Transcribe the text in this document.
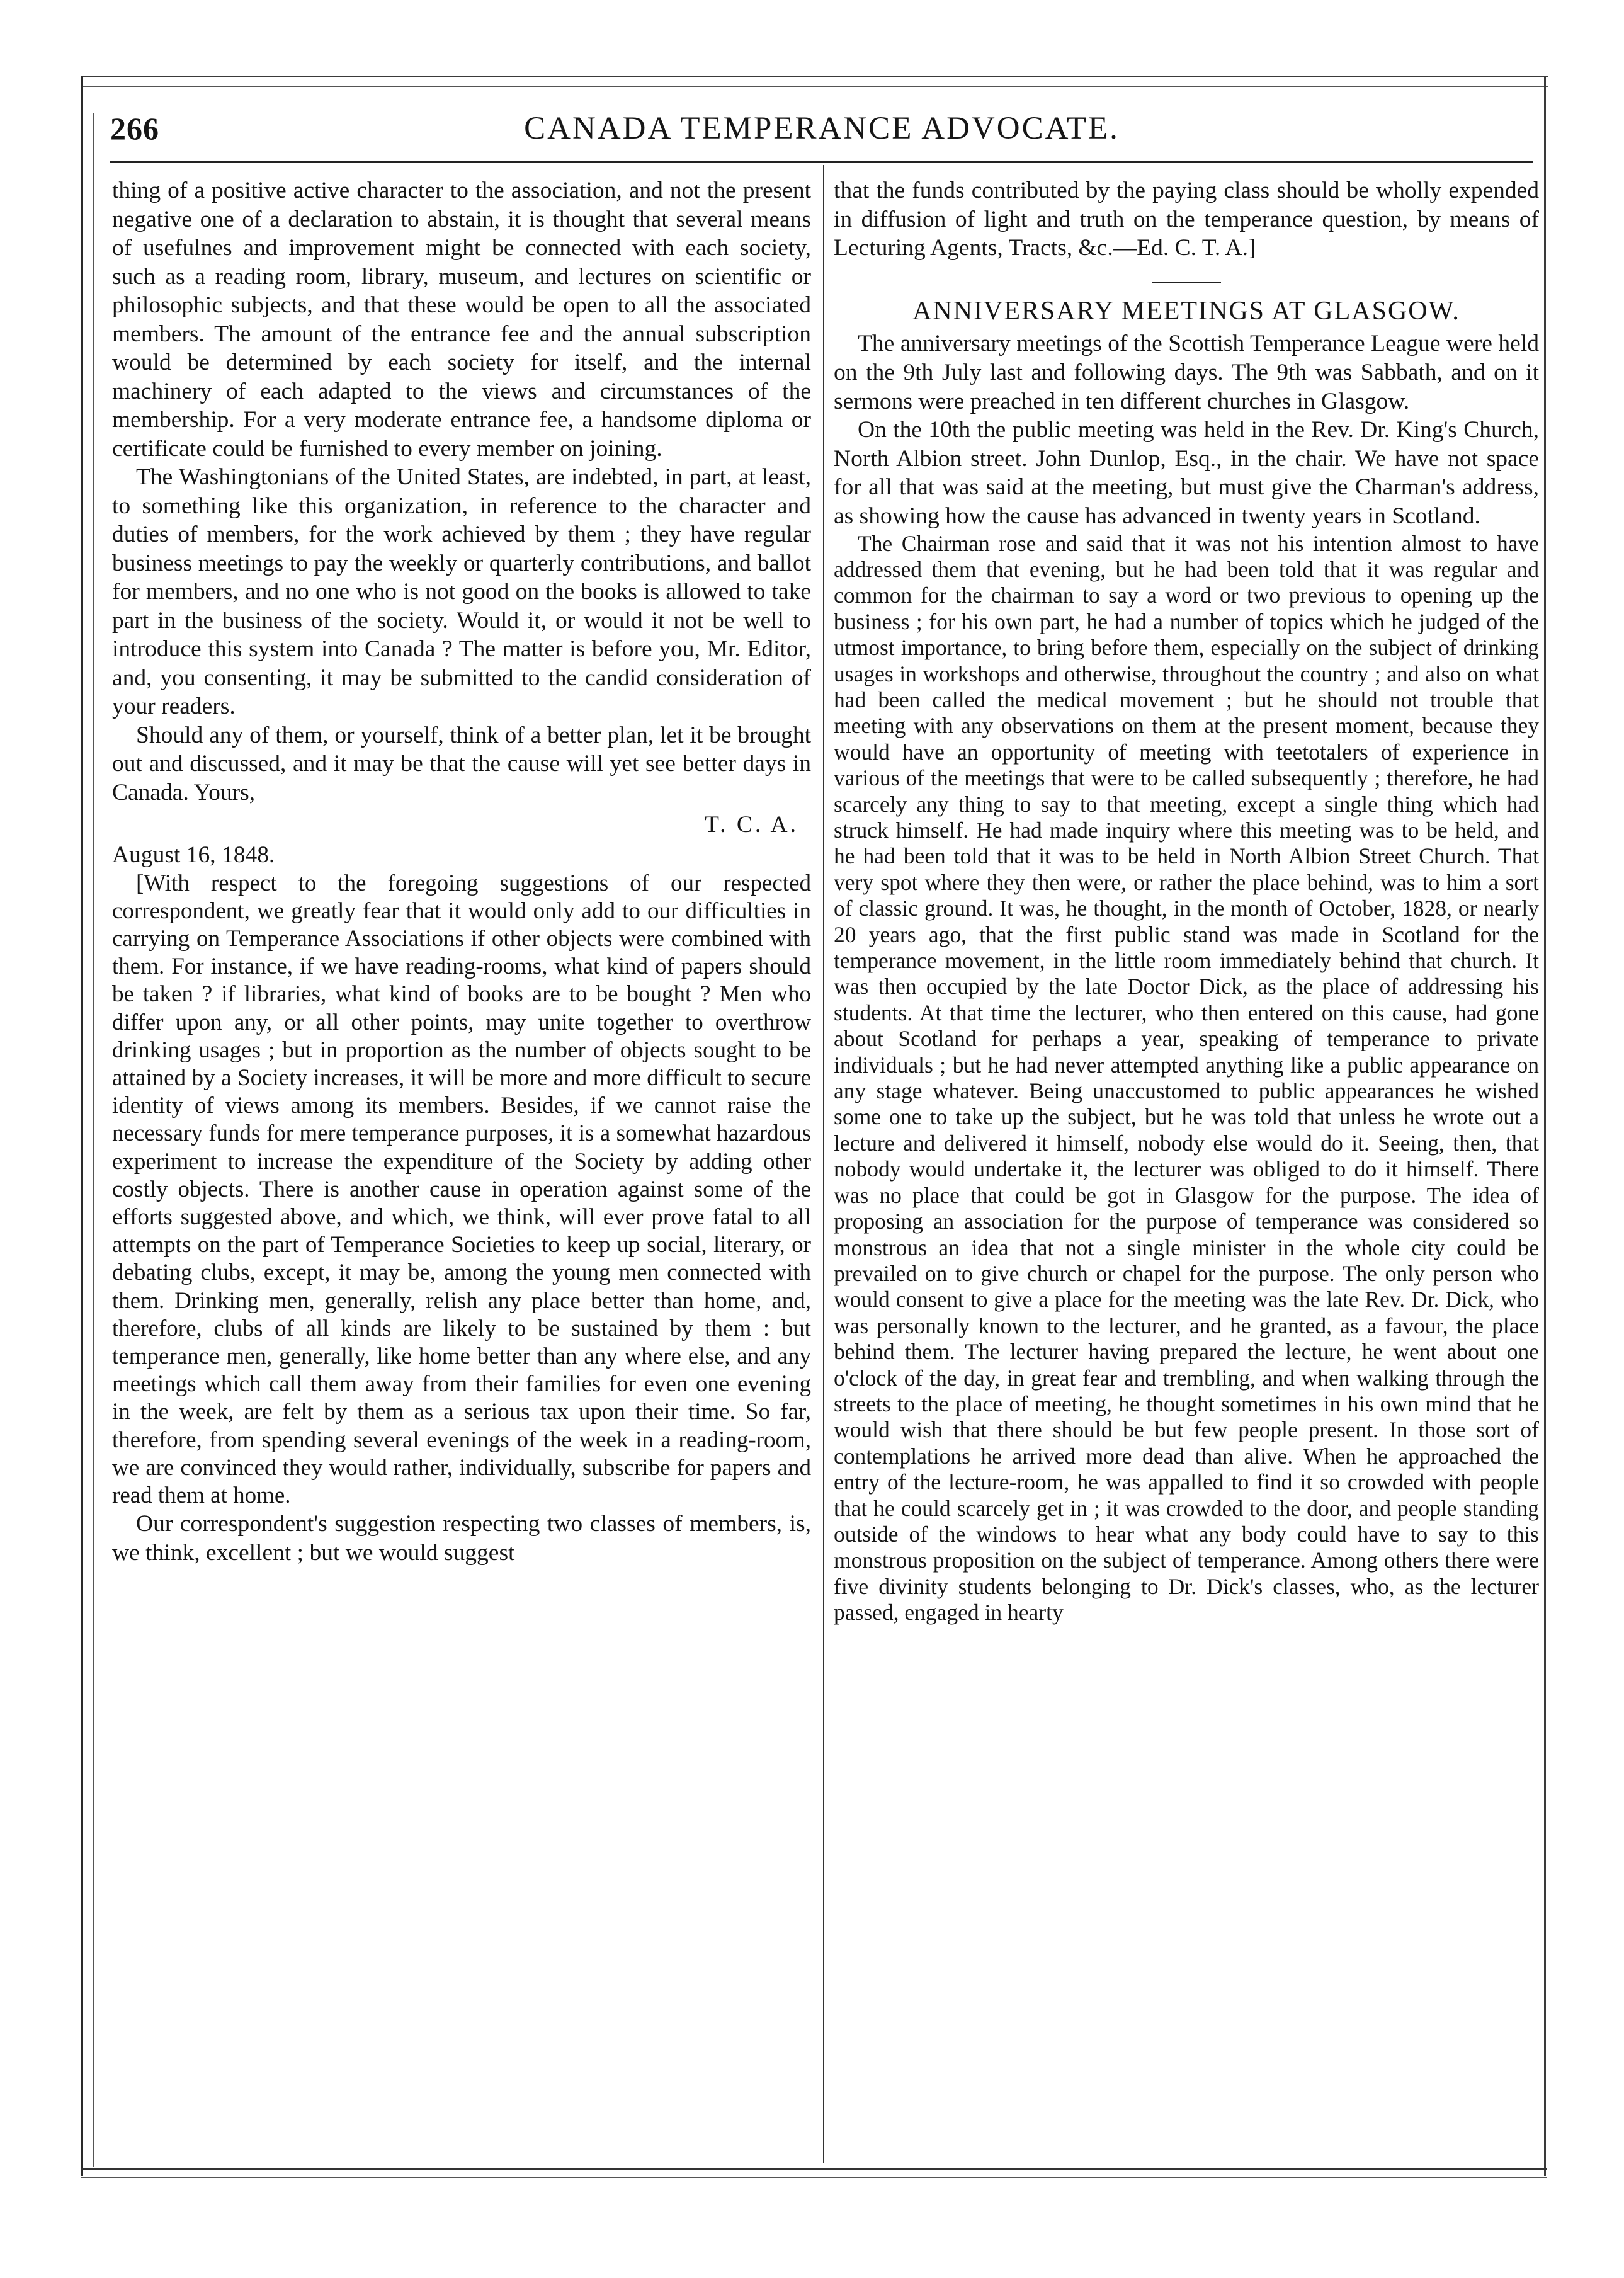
266	CANADA TEMPERANCE ADVOCATE.

thing of a positive active character to the association, and not the present negative one of a declaration to abstain, it is thought that several means of usefulnes and improvement might be connected with each society, such as a reading room, library, museum, and lectures on scientific or philosophic subjects, and that these would be open to all the associated members. The amount of the entrance fee and the annual subscription would be determined by each society for itself, and the internal machinery of each adapted to the views and circumstances of the membership. For a very moderate entrance fee, a handsome diploma or certificate could be furnished to every member on joining.

The Washingtonians of the United States, are indebted, in part, at least, to something like this organization, in reference to the character and duties of members, for the work achieved by them ; they have regular business meetings to pay the weekly or quarterly contributions, and ballot for members, and no one who is not good on the books is allowed to take part in the business of the society. Would it, or would it not be well to introduce this system into Canada ? The matter is before you, Mr. Editor, and, you consenting, it may be submitted to the candid consideration of your readers.

Should any of them, or yourself, think of a better plan, let it be brought out and discussed, and it may be that the cause will yet see better days in Canada. Yours,

T. C. A.

August 16, 1848.

[With respect to the foregoing suggestions of our respected correspondent, we greatly fear that it would only add to our difficulties in carrying on Temperance Associations if other objects were combined with them. For instance, if we have reading-rooms, what kind of papers should be taken ? if libraries, what kind of books are to be bought ? Men who differ upon any, or all other points, may unite together to overthrow drinking usages ; but in proportion as the number of objects sought to be attained by a Society increases, it will be more and more difficult to secure identity of views among its members. Besides, if we cannot raise the necessary funds for mere temperance purposes, it is a somewhat hazardous experiment to increase the expenditure of the Society by adding other costly objects. There is another cause in operation against some of the efforts suggested above, and which, we think, will ever prove fatal to all attempts on the part of Temperance Societies to keep up social, literary, or debating clubs, except, it may be, among the young men connected with them. Drinking men, generally, relish any place better than home, and, therefore, clubs of all kinds are likely to be sustained by them : but temperance men, generally, like home better than any where else, and any meetings which call them away from their families for even one evening in the week, are felt by them as a serious tax upon their time. So far, therefore, from spending several evenings of the week in a reading-room, we are convinced they would rather, individually, subscribe for papers and read them at home.

Our correspondent's suggestion respecting two classes of members, is, we think, excellent ; but we would suggest

that the funds contributed by the paying class should be wholly expended in diffusion of light and truth on the temperance question, by means of Lecturing Agents, Tracts, &c.—Ed. C. T. A.]

ANNIVERSARY MEETINGS AT GLASGOW.

The anniversary meetings of the Scottish Temperance League were held on the 9th July last and following days. The 9th was Sabbath, and on it sermons were preached in ten different churches in Glasgow.

On the 10th the public meeting was held in the Rev. Dr. King's Church, North Albion street. John Dunlop, Esq., in the chair. We have not space for all that was said at the meeting, but must give the Charman's address, as showing how the cause has advanced in twenty years in Scotland.

The Chairman rose and said that it was not his intention almost to have addressed them that evening, but he had been told that it was regular and common for the chairman to say a word or two previous to opening up the business ; for his own part, he had a number of topics which he judged of the utmost importance, to bring before them, especially on the subject of drinking usages in workshops and otherwise, throughout the country ; and also on what had been called the medical movement ; but he should not trouble that meeting with any observations on them at the present moment, because they would have an opportunity of meeting with teetotalers of experience in various of the meetings that were to be called subsequently ; therefore, he had scarcely any thing to say to that meeting, except a single thing which had struck himself. He had made inquiry where this meeting was to be held, and he had been told that it was to be held in North Albion Street Church. That very spot where they then were, or rather the place behind, was to him a sort of classic ground. It was, he thought, in the month of October, 1828, or nearly 20 years ago, that the first public stand was made in Scotland for the temperance movement, in the little room immediately behind that church. It was then occupied by the late Doctor Dick, as the place of addressing his students. At that time the lecturer, who then entered on this cause, had gone about Scotland for perhaps a year, speaking of temperance to private individuals ; but he had never attempted anything like a public appearance on any stage whatever. Being unaccustomed to public appearances he wished some one to take up the subject, but he was told that unless he wrote out a lecture and delivered it himself, nobody else would do it. Seeing, then, that nobody would undertake it, the lecturer was obliged to do it himself. There was no place that could be got in Glasgow for the purpose. The idea of proposing an association for the purpose of temperance was considered so monstrous an idea that not a single minister in the whole city could be prevailed on to give church or chapel for the purpose. The only person who would consent to give a place for the meeting was the late Rev. Dr. Dick, who was personally known to the lecturer, and he granted, as a favour, the place behind them. The lecturer having prepared the lecture, he went about one o'clock of the day, in great fear and trembling, and when walking through the streets to the place of meeting, he thought sometimes in his own mind that he would wish that there should be but few people present. In those sort of contemplations he arrived more dead than alive. When he approached the entry of the lecture-room, he was appalled to find it so crowded with people that he could scarcely get in ; it was crowded to the door, and people standing outside of the windows to hear what any body could have to say to this monstrous proposition on the subject of temperance. Among others there were five divinity students belonging to Dr. Dick's classes, who, as the lecturer passed, engaged in hearty
